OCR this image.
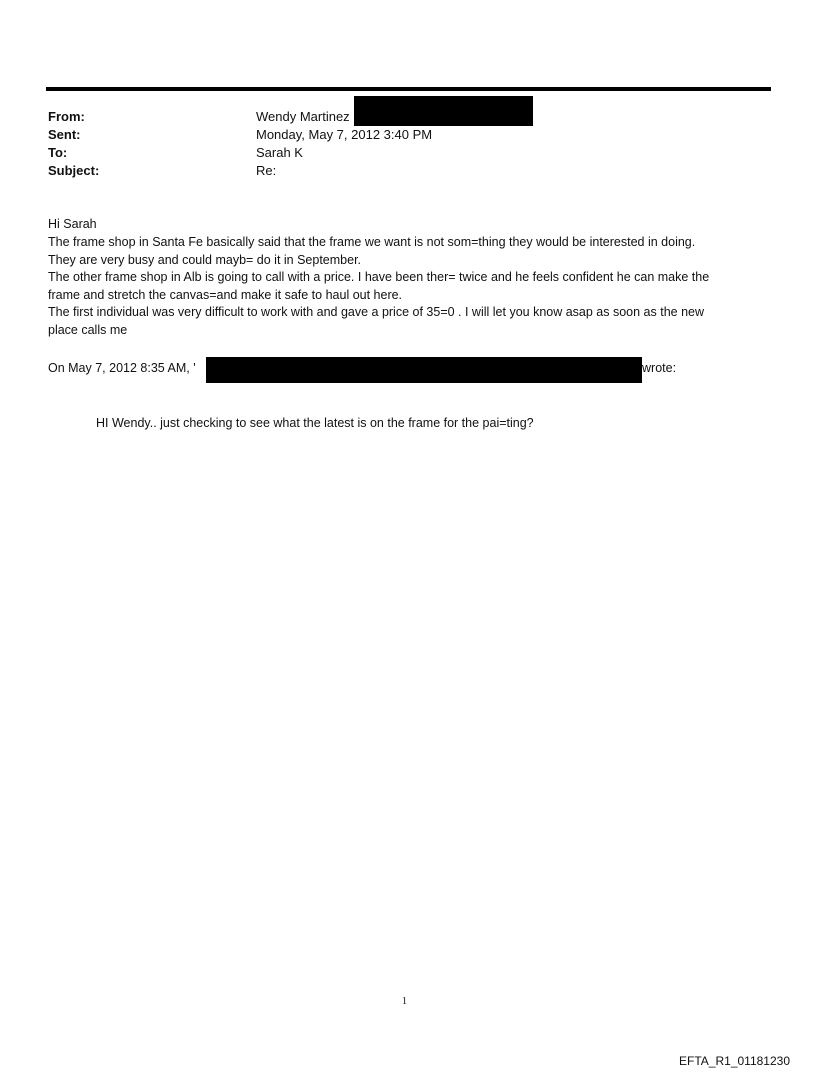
From:	Wendy Martinez
Sent:	Monday, May 7, 2012 3:40 PM
To:	Sarah K
Subject:	Re:
Hi Sarah
The frame shop in Santa Fe basically said that the frame we want is not som=thing they would be interested in doing.
They are very busy and could mayb= do it in September.
The other frame shop in Alb is going to call with a price. I have been ther= twice and he feels confident he can make the
frame and stretch the canvas=and make it safe to haul out here.
The first individual was very difficult to work with and gave a price of 35=0 . I will let you know asap as soon as the new
place calls me
On May 7, 2012 8:35 AM, '	wrote:
HI Wendy.. just checking to see what the latest is on the frame for the pai=ting?
1
EFTA_R1_01181230
